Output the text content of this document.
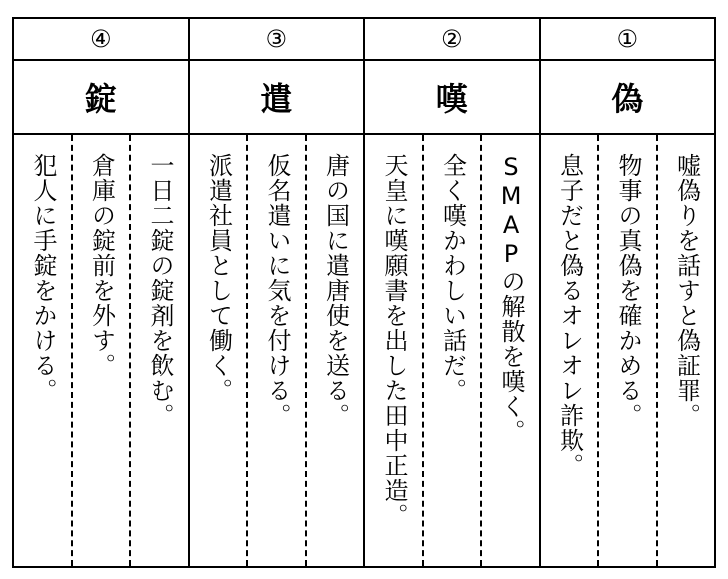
④
錠
犯人に手錠をかける。 倉庫の錠前を外す。 一日二錠の錠剤を飲む。
③
遣
派遣社員として働く。 仮名遣いに気を付ける。 唐の国に遣唐使を送る。
②
嘆
天皇に嘆願書を出した田中正造。 全く嘆かわしい話だ。 SMAPの解散を嘆く。
①
偽
息子だと偽るオレオレ詐欺。 物事の真偽を確かめる。 嘘偽りを話すと偽証罪。
